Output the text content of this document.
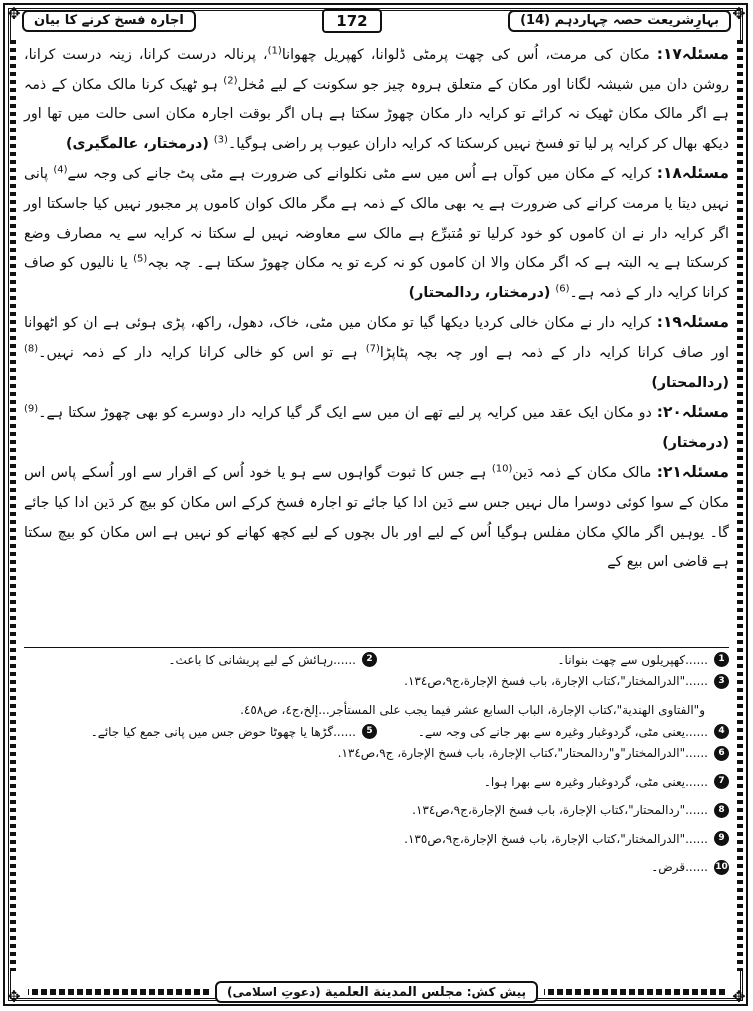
✥	✥
✥	✥
بہارِشریعت حصہ چہاردہم (14)
172
اجارہ فسخ کرنے کا بیان

مسئلہ۱۷: مکان کی مرمت، اُس کی چھت پرمٹی ڈلوانا، کھپریل چھوانا$^{(1)}$، پرنالہ درست کرانا، زینہ درست کرانا، روشن دان میں شیشہ لگانا اور مکان کے متعلق ہروہ چیز جو سکونت کے لیے مُخل$^{(2)}$ ہو ٹھیک کرنا مالک مکان کے ذمہ ہے اگر مالک مکان ٹھیک نہ کرائے تو کرایہ دار مکان چھوڑ سکتا ہے ہاں اگر بوقت اجارہ مکان اسی حالت میں تھا اور دیکھ بھال کر کرایہ پر لیا تو فسخ نہیں کرسکتا کہ کرایہ داران عیوب پر راضی ہوگیا۔$^{(3)}$ (درمختار، عالمگیری)

مسئلہ۱۸: کرایہ کے مکان میں کوآں ہے اُس میں سے مٹی نکلوانے کی ضرورت ہے مٹی پٹ جانے کی وجہ سے$^{(4)}$ پانی نہیں دیتا یا مرمت کرانے کی ضرورت ہے یہ بھی مالک کے ذمہ ہے مگر مالک کوان کاموں پر مجبور نہیں کیا جاسکتا اور اگر کرایہ دار نے ان کاموں کو خود کرلیا تو مُتبرِّع ہے مالک سے معاوضہ نہیں لے سکتا نہ کرایہ سے یہ مصارف وضع کرسکتا ہے یہ البتہ ہے کہ اگر مکان والا ان کاموں کو نہ کرے تو یہ مکان چھوڑ سکتا ہے۔ چہ بچہ$^{(5)}$ یا نالیوں کو صاف کرانا کرایہ دار کے ذمہ ہے۔$^{(6)}$ (درمختار، ردالمحتار)

مسئلہ۱۹: کرایہ دار نے مکان خالی کردیا دیکھا گیا تو مکان میں مٹی، خاک، دھول، راکھ، پڑی ہوئی ہے ان کو اٹھوانا اور صاف کرانا کرایہ دار کے ذمہ ہے اور چہ بچہ پٹاپڑا$^{(7)}$ ہے تو اس کو خالی کرانا کرایہ دار کے ذمہ نہیں۔$^{(8)}$ (ردالمحتار)

مسئلہ۲۰: دو مکان ایک عقد میں کرایہ پر لیے تھے ان میں سے ایک گر گیا کرایہ دار دوسرے کو بھی چھوڑ سکتا ہے۔$^{(9)}$ (درمختار)

مسئلہ۲۱: مالک مکان کے ذمہ دَین$^{(10)}$ ہے جس کا ثبوت گواہوں سے ہو یا خود اُس کے اقرار سے اور اُسکے پاس اس مکان کے سوا کوئی دوسرا مال نہیں جس سے دَین ادا کیا جائے تو اجارہ فسخ کرکے اس مکان کو بیچ کر دَین ادا کیا جائے گا۔ یوہیں اگر مالکِ مکان مفلس ہوگیا اُس کے لیے اور بال بچوں کے لیے کچھ کھانے کو نہیں ہے اس مکان کو بیچ سکتا ہے قاضی اس بیع کے

1
......کھپریلوں سے چھت بنوانا۔
2
......رہائش کے لیے پریشانی کا باعث۔
3
......"الدرالمختار"،كتاب الإجارة، باب فسخ الإجارة،ج۹،ص١٣٤.
و"الفتاوى الهندية"،كتاب الإجارة، الباب السابع عشر فيما يجب على المستأجر...إلخ،ج٤، ص٤٥٨.
4
......یعنی مٹی، گردوغبار وغیرہ سے بھر جانے کی وجہ سے۔
5
......گڑھا یا چھوٹا حوض جس میں پانی جمع کیا جائے۔
6
......"الدرالمختار"و"ردالمحتار"،كتاب الإجارة، باب فسخ الإجارة، ج۹،ص١٣٤.
7
......یعنی مٹی، گردوغبار وغیرہ سے بھرا ہوا۔
8
......"ردالمحتار"،كتاب الإجارة، باب فسخ الإجارة،ج۹،ص١٣٤.
9
......"الدرالمختار"،كتاب الإجارة، باب فسخ الإجارة،ج۹،ص١٣٥.
10
......قرض۔
پیش کش: مجلس المدينة العلمية (دعوتِ اسلامی)
